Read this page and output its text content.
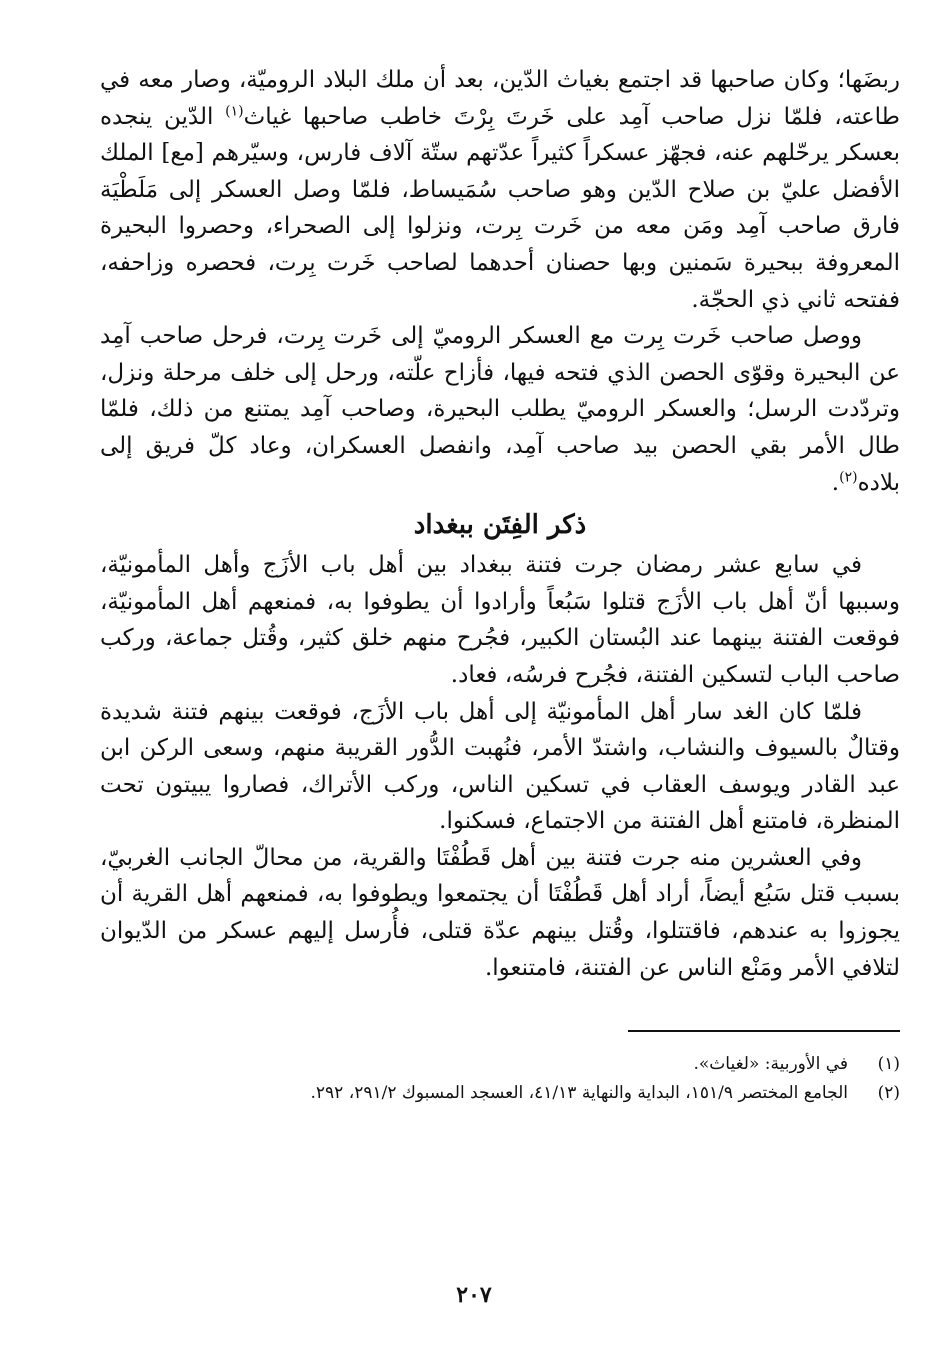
ربضَها؛ وكان صاحبها قد اجتمع بغياث الدّين، بعد أن ملك البلاد الروميّة، وصار معه في طاعته، فلمّا نزل صاحب آمِد على خَرتَ بِرْتَ خاطب صاحبها غياث$^{(١)}$ الدّين ينجده بعسكر يرحّلهم عنه، فجهّز عسكراً كثيراً عدّتهم ستّة آلاف فارس، وسيّرهم [مع] الملك الأفضل عليّ بن صلاح الدّين وهو صاحب سُمَيساط، فلمّا وصل العسكر إلى مَلَطْيَة فارق صاحب آمِد ومَن معه من خَرت بِرت، ونزلوا إلى الصحراء، وحصروا البحيرة المعروفة ببحيرة سَمنين وبها حصنان أحدهما لصاحب خَرت بِرت، فحصره وزاحفه، ففتحه ثاني ذي الحجّة.

ووصل صاحب خَرت بِرت مع العسكر الروميّ إلى خَرت بِرت، فرحل صاحب آمِد عن البحيرة وقوّى الحصن الذي فتحه فيها، فأزاح علّته، ورحل إلى خلف مرحلة ونزل، وتردّدت الرسل؛ والعسكر الروميّ يطلب البحيرة، وصاحب آمِد يمتنع من ذلك، فلمّا طال الأمر بقي الحصن بيد صاحب آمِد، وانفصل العسكران، وعاد كلّ فريق إلى بلاده$^{(٢)}$.

ذكر الفِتَن ببغداد

في سابع عشر رمضان جرت فتنة ببغداد بين أهل باب الأزَج وأهل المأمونيّة، وسببها أنّ أهل باب الأزَج قتلوا سَبُعاً وأرادوا أن يطوفوا به، فمنعهم أهل المأمونيّة، فوقعت الفتنة بينهما عند البُستان الكبير، فجُرح منهم خلق كثير، وقُتل جماعة، وركب صاحب الباب لتسكين الفتنة، فجُرح فرسُه، فعاد.

فلمّا كان الغد سار أهل المأمونيّة إلى أهل باب الأزَج، فوقعت بينهم فتنة شديدة وقتالٌ بالسيوف والنشاب، واشتدّ الأمر، فنُهبت الدُّور القريبة منهم، وسعى الركن ابن عبد القادر ويوسف العقاب في تسكين الناس، وركب الأتراك، فصاروا يبيتون تحت المنظرة، فامتنع أهل الفتنة من الاجتماع، فسكنوا.

وفي العشرين منه جرت فتنة بين أهل قَطُفْتَا والقرية، من محالّ الجانب الغربيّ، بسبب قتل سَبُع أيضاً، أراد أهل قَطُفْتَا أن يجتمعوا ويطوفوا به، فمنعهم أهل القرية أن يجوزوا به عندهم، فاقتتلوا، وقُتل بينهم عدّة قتلى، فأُرسل إليهم عسكر من الدّيوان لتلافي الأمر ومَنْع الناس عن الفتنة، فامتنعوا.

(١)
في الأوربية: «لغياث».
(٢)
الجامع المختصر ١٥١/٩، البداية والنهاية ٤١/١٣، العسجد المسبوك ٢٩١/٢، ٢٩٢.
٢٠٧
